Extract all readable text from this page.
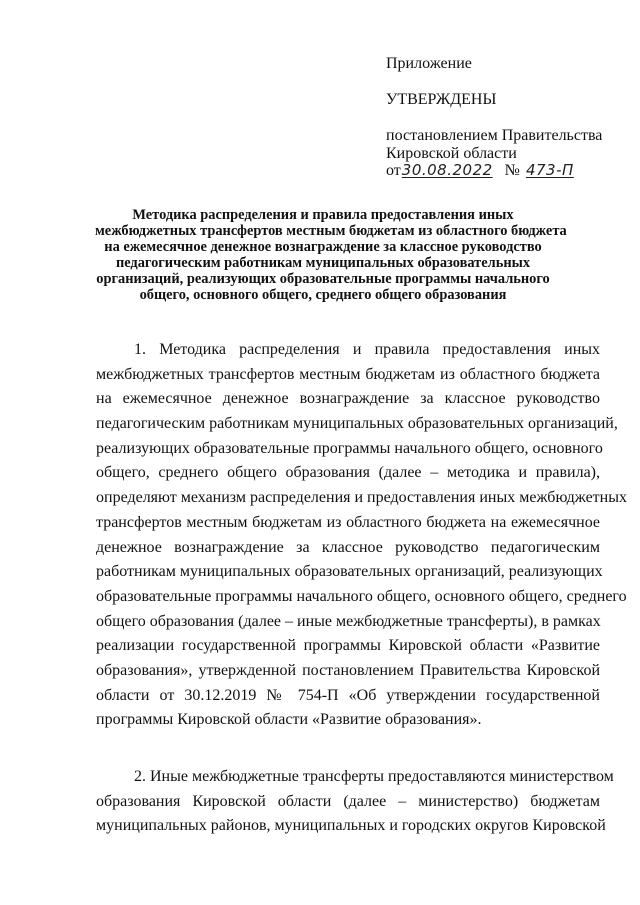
Приложение
УТВЕРЖДЕНЫ
постановлением Правительства
Кировской области
от 30.08.2022 № 473-П
Методика распределения и правила предоставления иных
межбюджетных трансфертов местным бюджетам из областного бюджета
на ежемесячное денежное вознаграждение за классное руководство
педагогическим работникам муниципальных образовательных
организаций, реализующих образовательные программы начального
общего, основного общего, среднего общего образования
1. Методика распределения и правила предоставления иных
межбюджетных трансфертов местным бюджетам из областного бюджета
на ежемесячное денежное вознаграждение за классное руководство
педагогическим работникам муниципальных образовательных организаций,
реализующих образовательные программы начального общего, основного
общего, среднего общего образования (далее – методика и правила),
определяют механизм распределения и предоставления иных межбюджетных
трансфертов местным бюджетам из областного бюджета на ежемесячное
денежное вознаграждение за классное руководство педагогическим
работникам муниципальных образовательных организаций, реализующих
образовательные программы начального общего, основного общего, среднего
общего образования (далее – иные межбюджетные трансферты), в рамках
реализации государственной программы Кировской области «Развитие
образования», утвержденной постановлением Правительства Кировской
области от 30.12.2019 № 754-П «Об утверждении государственной
программы Кировской области «Развитие образования».
2. Иные межбюджетные трансферты предоставляются министерством
образования Кировской области (далее – министерство) бюджетам
муниципальных районов, муниципальных и городских округов Кировской
